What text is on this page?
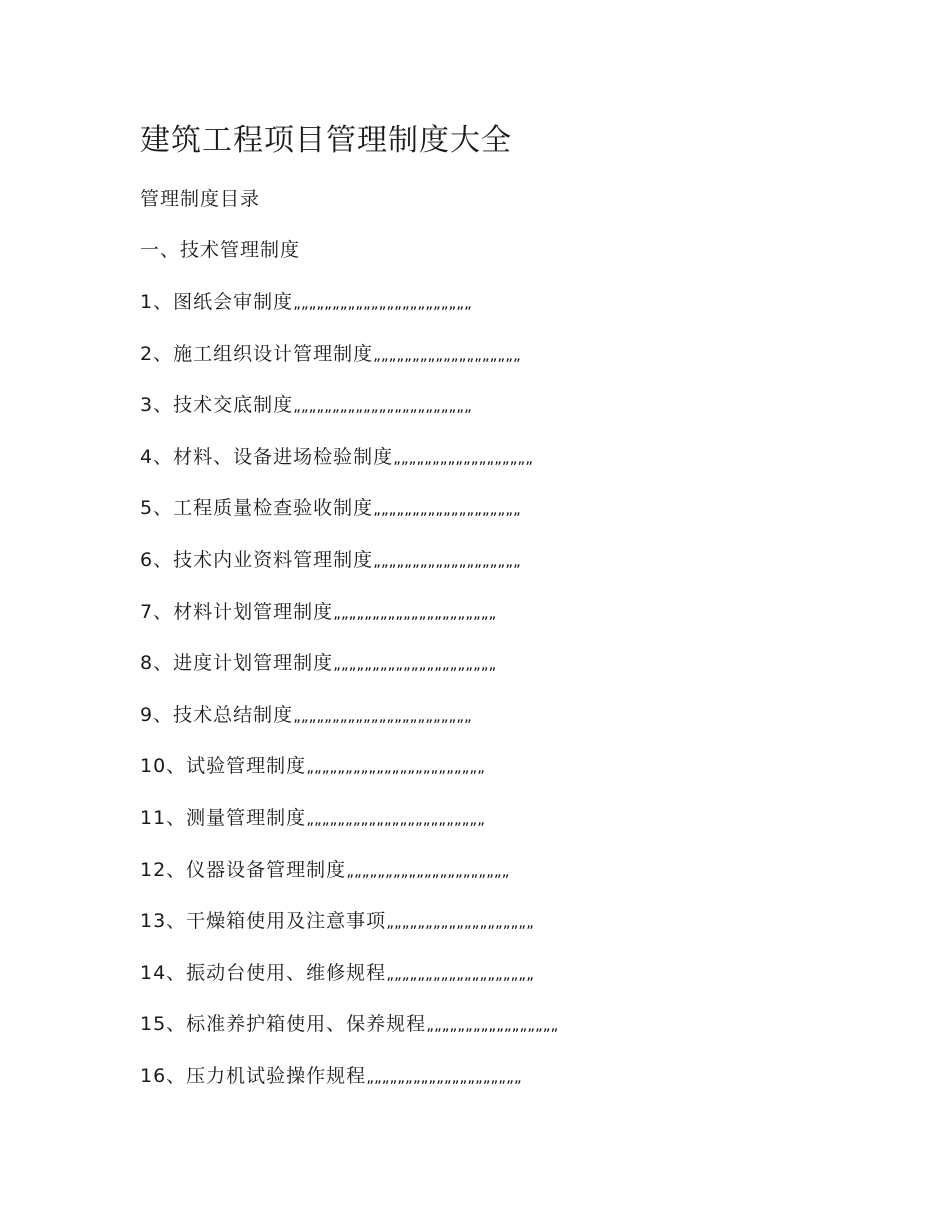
建筑工程项目管理制度大全

管理制度目录

一、技术管理制度

1、图纸会审制度„„„„„„„„„„„„„„„„„„„„„„„
2、施工组织设计管理制度„„„„„„„„„„„„„„„„„„„
3、技术交底制度„„„„„„„„„„„„„„„„„„„„„„„
4、材料、设备进场检验制度„„„„„„„„„„„„„„„„„„
5、工程质量检查验收制度„„„„„„„„„„„„„„„„„„„
6、技术内业资料管理制度„„„„„„„„„„„„„„„„„„„
7、材料计划管理制度„„„„„„„„„„„„„„„„„„„„„
8、进度计划管理制度„„„„„„„„„„„„„„„„„„„„„
9、技术总结制度„„„„„„„„„„„„„„„„„„„„„„„
10、试验管理制度„„„„„„„„„„„„„„„„„„„„„„„
11、测量管理制度„„„„„„„„„„„„„„„„„„„„„„„
12、仪器设备管理制度„„„„„„„„„„„„„„„„„„„„„
13、干燥箱使用及注意事项„„„„„„„„„„„„„„„„„„„
14、振动台使用、维修规程„„„„„„„„„„„„„„„„„„„
15、标准养护箱使用、保养规程„„„„„„„„„„„„„„„„„
16、压力机试验操作规程„„„„„„„„„„„„„„„„„„„„
